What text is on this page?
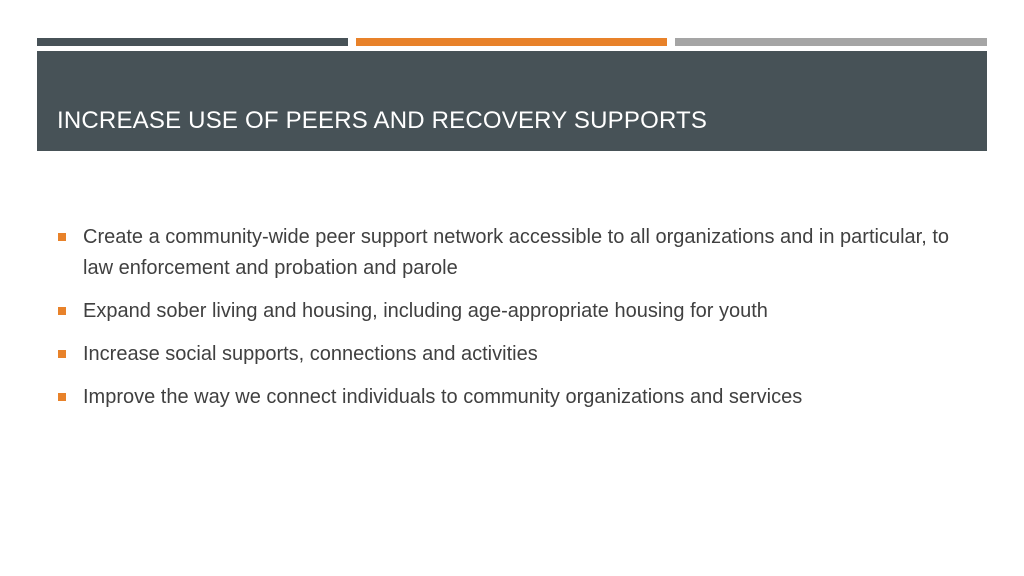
INCREASE USE OF PEERS AND RECOVERY SUPPORTS
Create a community-wide peer support network accessible to all organizations and in particular, to law enforcement and probation and parole
Expand sober living and housing, including age-appropriate housing for youth
Increase social supports, connections and activities
Improve the way we connect individuals to community organizations and services
